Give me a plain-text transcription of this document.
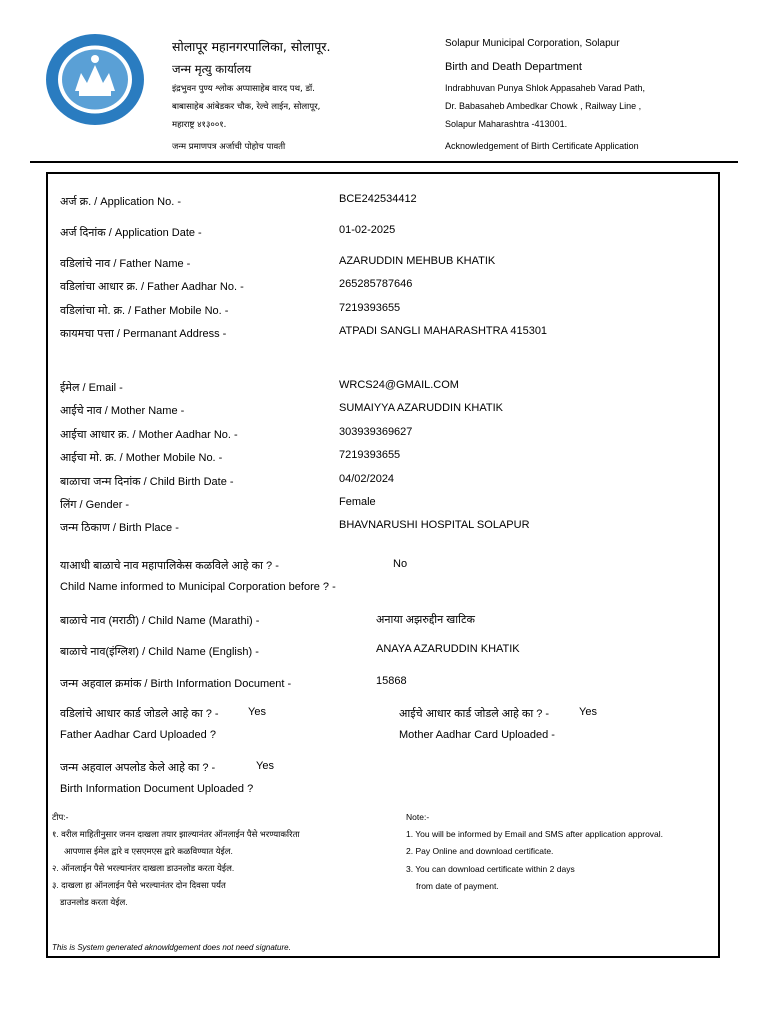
सोलापूर महानगरपालिका, सोलापूर.
जन्म मृत्यु कार्यालय
इंद्रभुवन पुण्य श्लोक अप्पासाहेब वारद पथ, डॉ.
बाबासाहेब आंबेडकर चौक, रेल्वे लाईन, सोलापूर,
महाराष्ट्र ४१३००१.
जन्म प्रमाणपत्र अर्जाची पोहोच पावती
Solapur Municipal Corporation, Solapur
Birth and Death Department
Indrabhuvan Punya Shlok Appasaheb Varad Path,
Dr. Babasaheb Ambedkar Chowk , Railway Line ,
Solapur Maharashtra -413001.
Acknowledgement of Birth Certificate Application
अर्ज क्र. / Application No. -	BCE242534412
अर्ज दिनांक / Application Date -	01-02-2025
वडिलांचे नाव / Father Name -	AZARUDDIN MEHBUB KHATIK
वडिलांचा आधार क्र. / Father Aadhar No. -	265285787646
वडिलांचा मो. क्र. / Father Mobile No. -	7219393655
कायमचा पत्ता / Permanant Address -	ATPADI SANGLI MAHARASHTRA 415301
ईमेल / Email -	WRCS24@GMAIL.COM
आईचे नाव / Mother Name -	SUMAIYYA AZARUDDIN KHATIK
आईचा आधार क्र. / Mother Aadhar No. -	303939369627
आईचा मो. क्र. / Mother Mobile No. -	7219393655
बाळाचा जन्म दिनांक / Child Birth Date -	04/02/2024
लिंग / Gender -	Female
जन्म ठिकाण / Birth Place -	BHAVNARUSHI HOSPITAL SOLAPUR
याआधी बाळाचे नाव महापालिकेस कळविले आहे का ? -	No
Child Name informed to Municipal Corporation before ? -
बाळाचे नाव (मराठी) / Child Name (Marathi) -	अनाया अझरुद्दीन खाटिक
बाळाचे नाव(इंग्लिश) / Child Name (English) -	ANAYA AZARUDDIN KHATIK
जन्म अहवाल क्रमांक / Birth Information Document -	15868
वडिलांचे आधार कार्ड जोडले आहे का ? -	Yes
Father Aadhar Card Uploaded ?
आईचे आधार कार्ड जोडले आहे का ? -	Yes
Mother Aadhar Card Uploaded -
जन्म अहवाल अपलोड केले आहे का ? -	Yes
Birth Information Document Uploaded ?
टीप:-
१. वरील माहितीनुसार जनन दाखला तयार झाल्यानंतर ऑनलाईन पैसे भरण्याकरिता
आपणास ईमेल द्वारे व एसएमएस द्वारे कळविण्यात येईल.
२. ऑनलाईन पैसे भरल्यानंतर दाखला डाउनलोड करता येईल.
३. दाखला हा ऑनलाईन पैसे भरल्यानंतर दोन दिवसा पर्यंत
डाउनलोड करता येईल.
Note:-
1. You will be informed by Email and SMS after application approval.
2. Pay Online and download certificate.
3. You can download certificate within 2 days
from date of payment.
This is System generated aknowldgement does not need signature.
